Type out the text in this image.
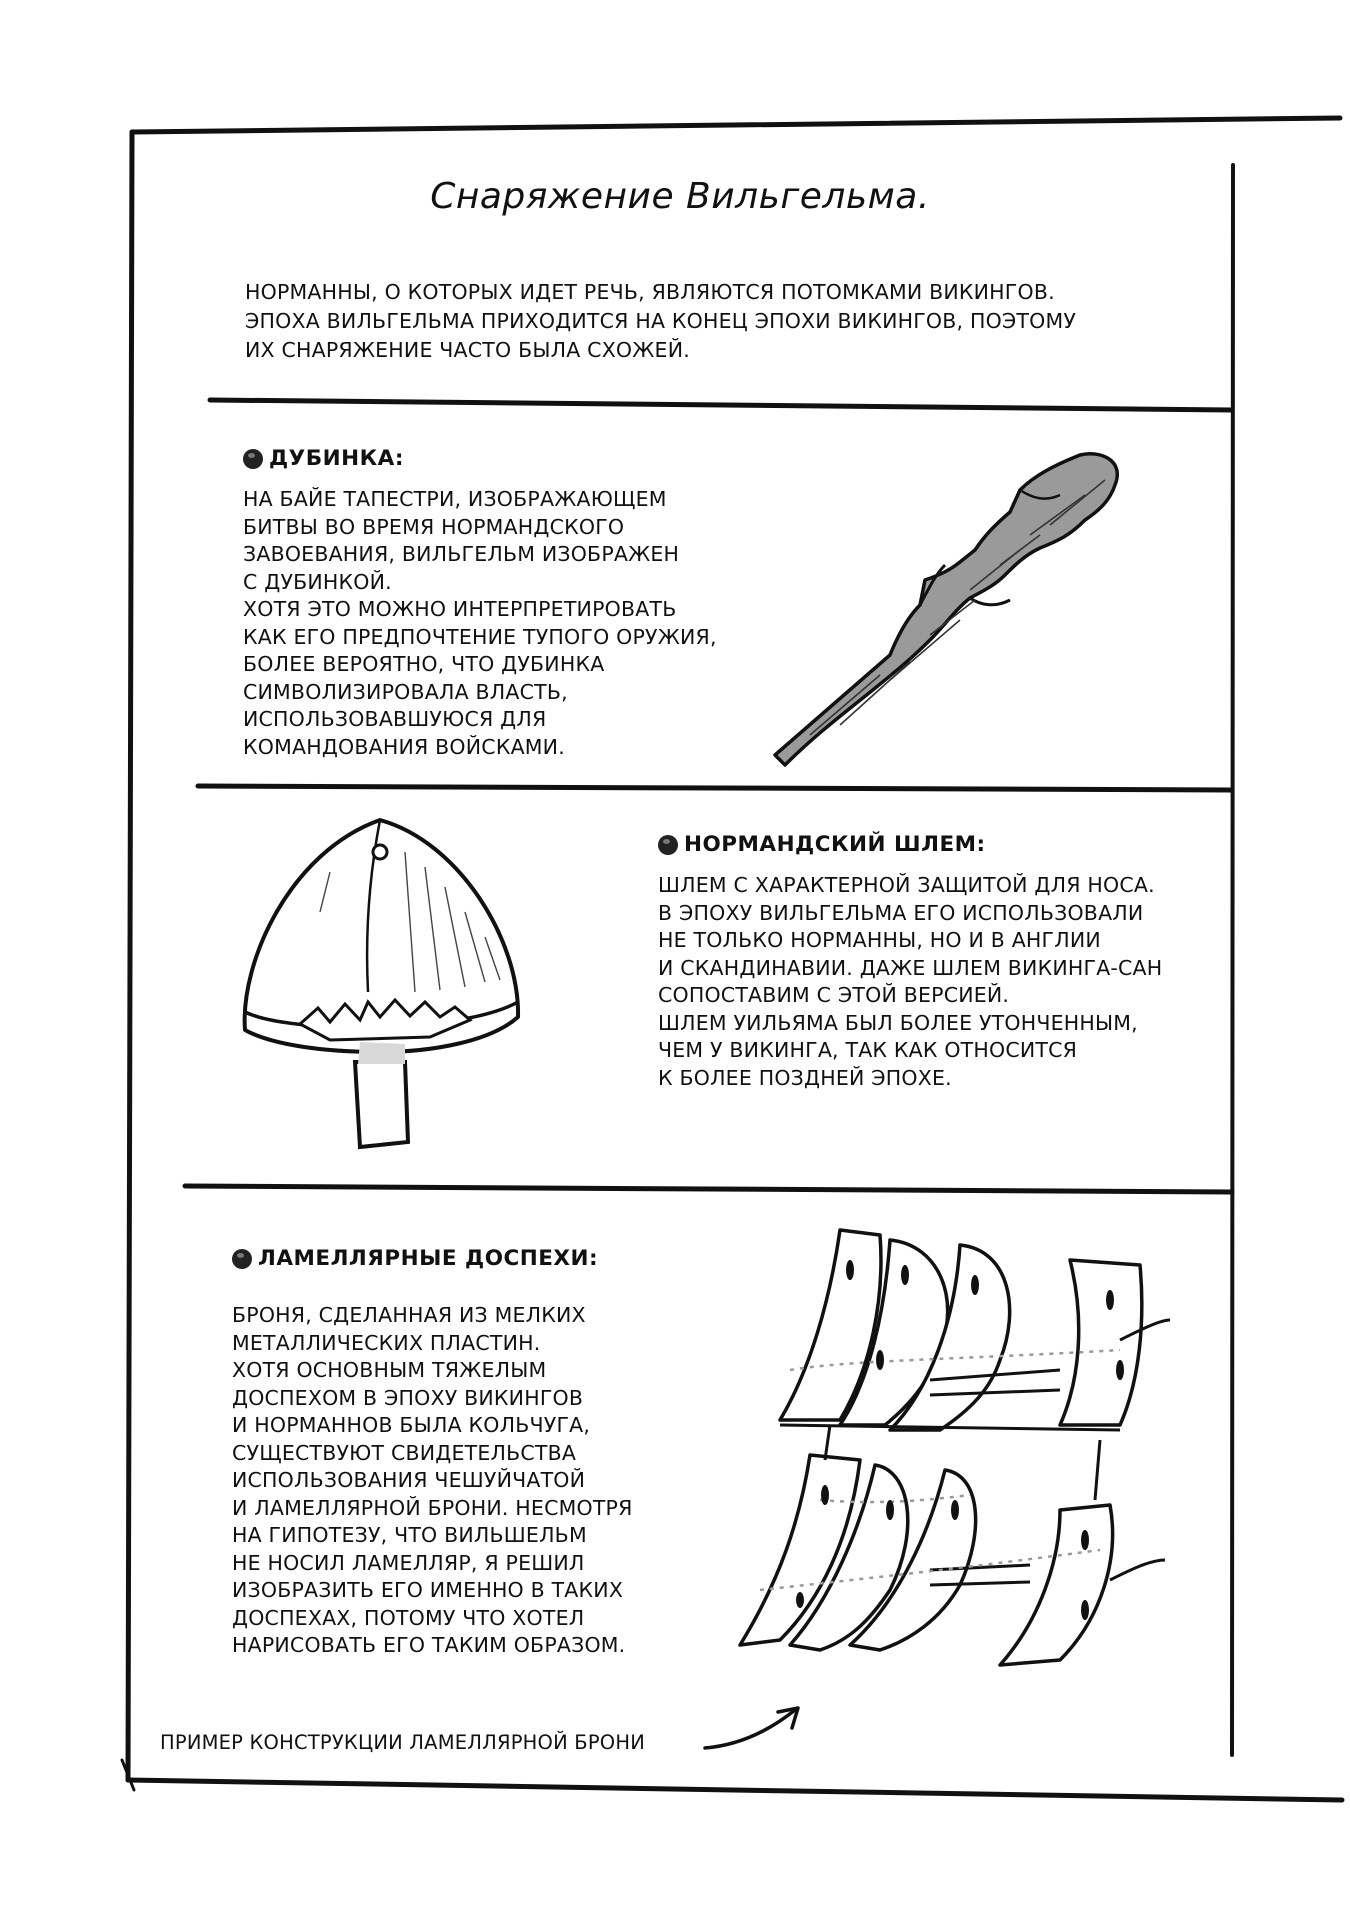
Снаряжение Вильгельма.
НОРМАННЫ, О КОТОРЫХ ИДЕТ РЕЧЬ, ЯВЛЯЮТСЯ ПОТОМКАМИ ВИКИНГОВ.
ЭПОХА ВИЛЬГЕЛЬМА ПРИХОДИТСЯ НА КОНЕЦ ЭПОХИ ВИКИНГОВ, ПОЭТОМУ
ИХ СНАРЯЖЕНИЕ ЧАСТО БЫЛА СХОЖЕЙ.
ДУБИНКА:
НА БАЙЕ ТАПЕСТРИ, ИЗОБРАЖАЮЩЕМ
БИТВЫ ВО ВРЕМЯ НОРМАНДСКОГО
ЗАВОЕВАНИЯ, ВИЛЬГЕЛЬМ ИЗОБРАЖЕН
С ДУБИНКОЙ.
ХОТЯ ЭТО МОЖНО ИНТЕРПРЕТИРОВАТЬ
КАК ЕГО ПРЕДПОЧТЕНИЕ ТУПОГО ОРУЖИЯ,
БОЛЕЕ ВЕРОЯТНО, ЧТО ДУБИНКА
СИМВОЛИЗИРОВАЛА ВЛАСТЬ,
ИСПОЛЬЗОВАВШУЮСЯ ДЛЯ
КОМАНДОВАНИЯ ВОЙСКАМИ.
НОРМАНДСКИЙ ШЛЕМ:
ШЛЕМ С ХАРАКТЕРНОЙ ЗАЩИТОЙ ДЛЯ НОСА.
В ЭПОХУ ВИЛЬГЕЛЬМА ЕГО ИСПОЛЬЗОВАЛИ
НЕ ТОЛЬКО НОРМАННЫ, НО И В АНГЛИИ
И СКАНДИНАВИИ. ДАЖЕ ШЛЕМ ВИКИНГА-САН
СОПОСТАВИМ С ЭТОЙ ВЕРСИЕЙ.
ШЛЕМ УИЛЬЯМА БЫЛ БОЛЕЕ УТОНЧЕННЫМ,
ЧЕМ У ВИКИНГА, ТАК КАК ОТНОСИТСЯ
К БОЛЕЕ ПОЗДНЕЙ ЭПОХЕ.
ЛАМЕЛЛЯРНЫЕ ДОСПЕХИ:
БРОНЯ, СДЕЛАННАЯ ИЗ МЕЛКИХ
МЕТАЛЛИЧЕСКИХ ПЛАСТИН.
ХОТЯ ОСНОВНЫМ ТЯЖЕЛЫМ
ДОСПЕХОМ В ЭПОХУ ВИКИНГОВ
И НОРМАННОВ БЫЛА КОЛЬЧУГА,
СУЩЕСТВУЮТ СВИДЕТЕЛЬСТВА
ИСПОЛЬЗОВАНИЯ ЧЕШУЙЧАТОЙ
И ЛАМЕЛЛЯРНОЙ БРОНИ. НЕСМОТРЯ
НА ГИПОТЕЗУ, ЧТО ВИЛЬШЕЛЬМ
НЕ НОСИЛ ЛАМЕЛЛЯР, Я РЕШИЛ
ИЗОБРАЗИТЬ ЕГО ИМЕННО В ТАКИХ
ДОСПЕХАХ, ПОТОМУ ЧТО ХОТЕЛ
НАРИСОВАТЬ ЕГО ТАКИМ ОБРАЗОМ.
ПРИМЕР КОНСТРУКЦИИ ЛАМЕЛЛЯРНОЙ БРОНИ
